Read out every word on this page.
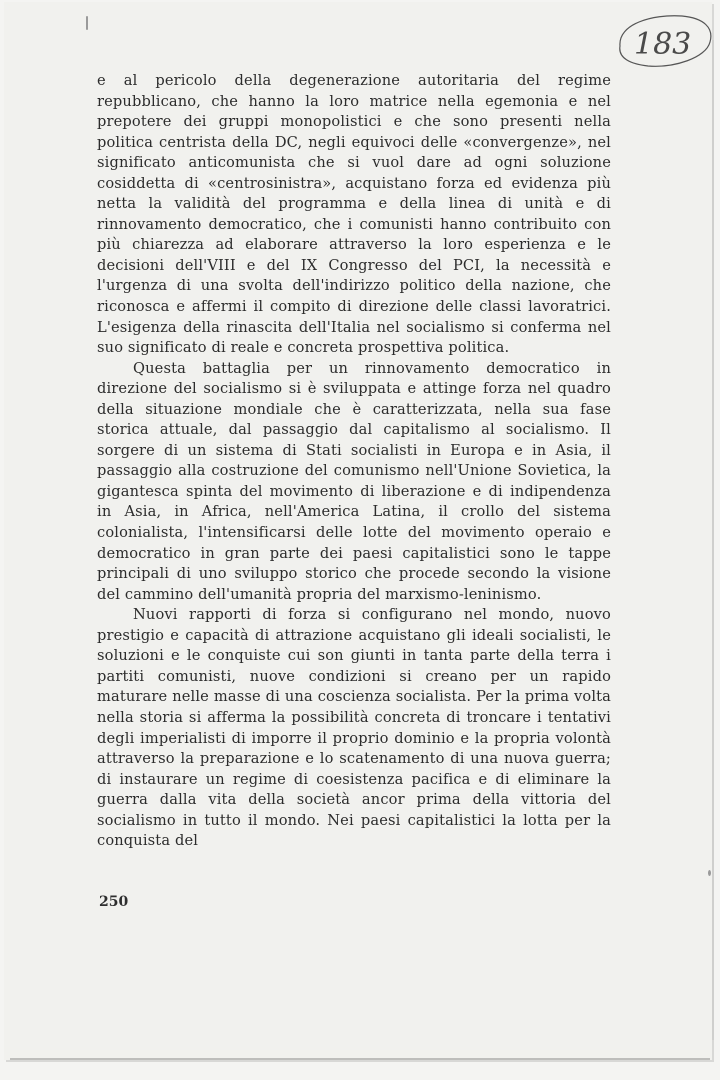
183

e al pericolo della degenerazione autoritaria del regime repubblicano, che hanno la loro matrice nella egemonia e nel prepotere dei gruppi monopolistici e che sono presenti nella politica centrista della DC, negli equivoci delle «convergenze», nel significato anticomunista che si vuol dare ad ogni soluzione cosiddetta di «centrosinistra», acquistano forza ed evidenza più netta la validità del programma e della linea di unità e di rinnovamento democratico, che i comunisti hanno contribuito con più chiarezza ad elaborare attraverso la loro esperienza e le decisioni dell'VIII e del IX Congresso del PCI, la necessità e l'urgenza di una svolta dell'indirizzo politico della nazione, che riconosca e affermi il compito di direzione delle classi lavoratrici. L'esigenza della rinascita dell'Italia nel socialismo si conferma nel suo significato di reale e concreta prospettiva politica.

Questa battaglia per un rinnovamento democratico in direzione del socialismo si è sviluppata e attinge forza nel quadro della situazione mondiale che è caratterizzata, nella sua fase storica attuale, dal passaggio dal capitalismo al socialismo. Il sorgere di un sistema di Stati socialisti in Europa e in Asia, il passaggio alla costruzione del comunismo nell'Unione Sovietica, la gigantesca spinta del movimento di liberazione e di indipendenza in Asia, in Africa, nell'America Latina, il crollo del sistema colonialista, l'intensificarsi delle lotte del movimento operaio e democratico in gran parte dei paesi capitalistici sono le tappe principali di uno sviluppo storico che procede secondo la visione del cammino dell'umanità propria del marxismo-leninismo.

Nuovi rapporti di forza si configurano nel mondo, nuovo prestigio e capacità di attrazione acquistano gli ideali socialisti, le soluzioni e le conquiste cui son giunti in tanta parte della terra i partiti comunisti, nuove condizioni si creano per un rapido maturare nelle masse di una coscienza socialista. Per la prima volta nella storia si afferma la possibilità concreta di troncare i tentativi degli imperialisti di imporre il proprio dominio e la propria volontà attraverso la preparazione e lo scatenamento di una nuova guerra; di instaurare un regime di coesistenza pacifica e di eliminare la guerra dalla vita della società ancor prima della vittoria del socialismo in tutto il mondo. Nei paesi capitalistici la lotta per la conquista del

250
